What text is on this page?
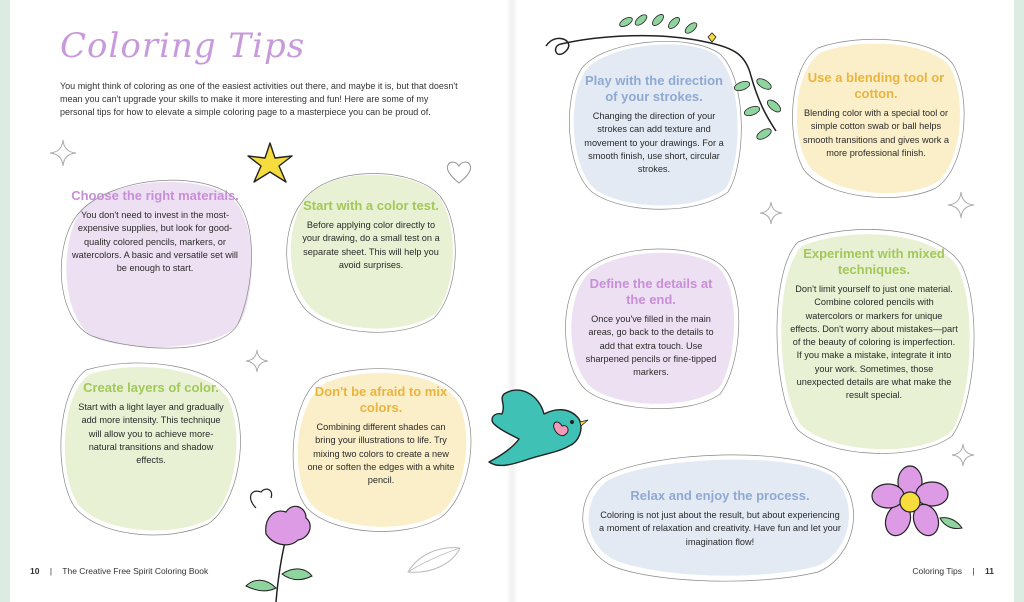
Coloring Tips

You might think of coloring as one of the easiest activities out there, and maybe it is, but that doesn't mean you can't upgrade your skills to make it more interesting and fun! Here are some of my personal tips for how to elevate a simple coloring page to a masterpiece you can be proud of.

Choose the right materials.

You don't need to invest in the most-expensive supplies, but look for good-quality colored pencils, markers, or watercolors. A basic and versatile set will be enough to start.

Start with a color test.

Before applying color directly to your drawing, do a small test on a separate sheet. This will help you avoid surprises.

Create layers of color.

Start with a light layer and gradually add more intensity. This technique will allow you to achieve more-natural transitions and shadow effects.

Don't be afraid to mix colors.

Combining different shades can bring your illustrations to life. Try mixing two colors to create a new one or soften the edges with a white pencil.

Play with the direction of your strokes.

Changing the direction of your strokes can add texture and movement to your drawings. For a smooth finish, use short, circular strokes.

Use a blending tool or cotton.

Blending color with a special tool or simple cotton swab or ball helps smooth transitions and gives work a more professional finish.

Define the details at the end.

Once you've filled in the main areas, go back to the details to add that extra touch. Use sharpened pencils or fine-tipped markers.

Experiment with mixed techniques.

Don't limit yourself to just one material. Combine colored pencils with watercolors or markers for unique effects. Don't worry about mistakes—part of the beauty of coloring is imperfection. If you make a mistake, integrate it into your work. Sometimes, those unexpected details are what make the result special.

Relax and enjoy the process.

Coloring is not just about the result, but about experiencing a moment of relaxation and creativity. Have fun and let your imagination flow!

10 | The Creative Free Spirit Coloring Book	Coloring Tips | 11
